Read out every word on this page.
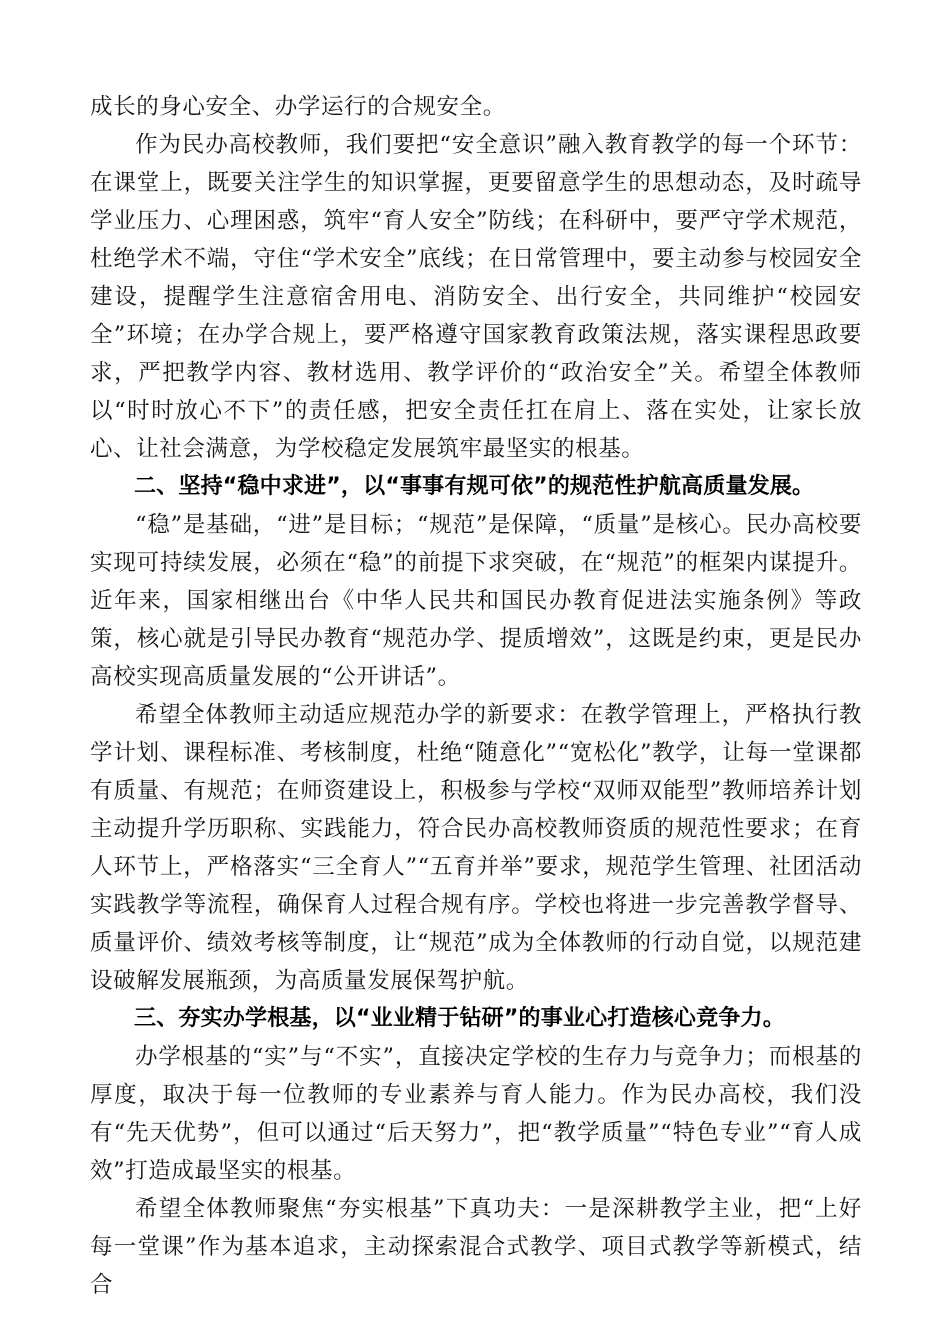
成长的身心安全、办学运行的合规安全。

作为民办高校教师，我们要把“安全意识”融入教育教学的每一个环节：在课堂上，既要关注学生的知识掌握，更要留意学生的思想动态，及时疏导学业压力、心理困惑，筑牢“育人安全”防线；在科研中，要严守学术规范，杜绝学术不端，守住“学术安全”底线；在日常管理中，要主动参与校园安全建设，提醒学生注意宿舍用电、消防安全、出行安全，共同维护“校园安全”环境；在办学合规上，要严格遵守国家教育政策法规，落实课程思政要求，严把教学内容、教材选用、教学评价的“政治安全”关。希望全体教师以“时时放心不下”的责任感，把安全责任扛在肩上、落在实处，让家长放心、让社会满意，为学校稳定发展筑牢最坚实的根基。

二、坚持“稳中求进”，以“事事有规可依”的规范性护航高质量发展。

“稳”是基础，“进”是目标；“规范”是保障，“质量”是核心。民办高校要实现可持续发展，必须在“稳”的前提下求突破，在“规范”的框架内谋提升。近年来，国家相继出台《中华人民共和国民办教育促进法实施条例》等政策，核心就是引导民办教育“规范办学、提质增效”，这既是约束，更是民办高校实现高质量发展的“公开讲话”。

希望全体教师主动适应规范办学的新要求：在教学管理上，严格执行教学计划、课程标准、考核制度，杜绝“随意化”“宽松化”教学，让每一堂课都有质量、有规范；在师资建设上，积极参与学校“双师双能型”教师培养计划主动提升学历职称、实践能力，符合民办高校教师资质的规范性要求；在育人环节上，严格落实“三全育人”“五育并举”要求，规范学生管理、社团活动实践教学等流程，确保育人过程合规有序。学校也将进一步完善教学督导、质量评价、绩效考核等制度，让“规范”成为全体教师的行动自觉，以规范建设破解发展瓶颈，为高质量发展保驾护航。

三、夯实办学根基，以“业业精于钻研”的事业心打造核心竞争力。

办学根基的“实”与“不实”，直接决定学校的生存力与竞争力；而根基的厚度，取决于每一位教师的专业素养与育人能力。作为民办高校，我们没有“先天优势”，但可以通过“后天努力”，把“教学质量”“特色专业”“育人成效”打造成最坚实的根基。

希望全体教师聚焦“夯实根基”下真功夫：一是深耕教学主业，把“上好每一堂课”作为基本追求，主动探索混合式教学、项目式教学等新模式，结合
